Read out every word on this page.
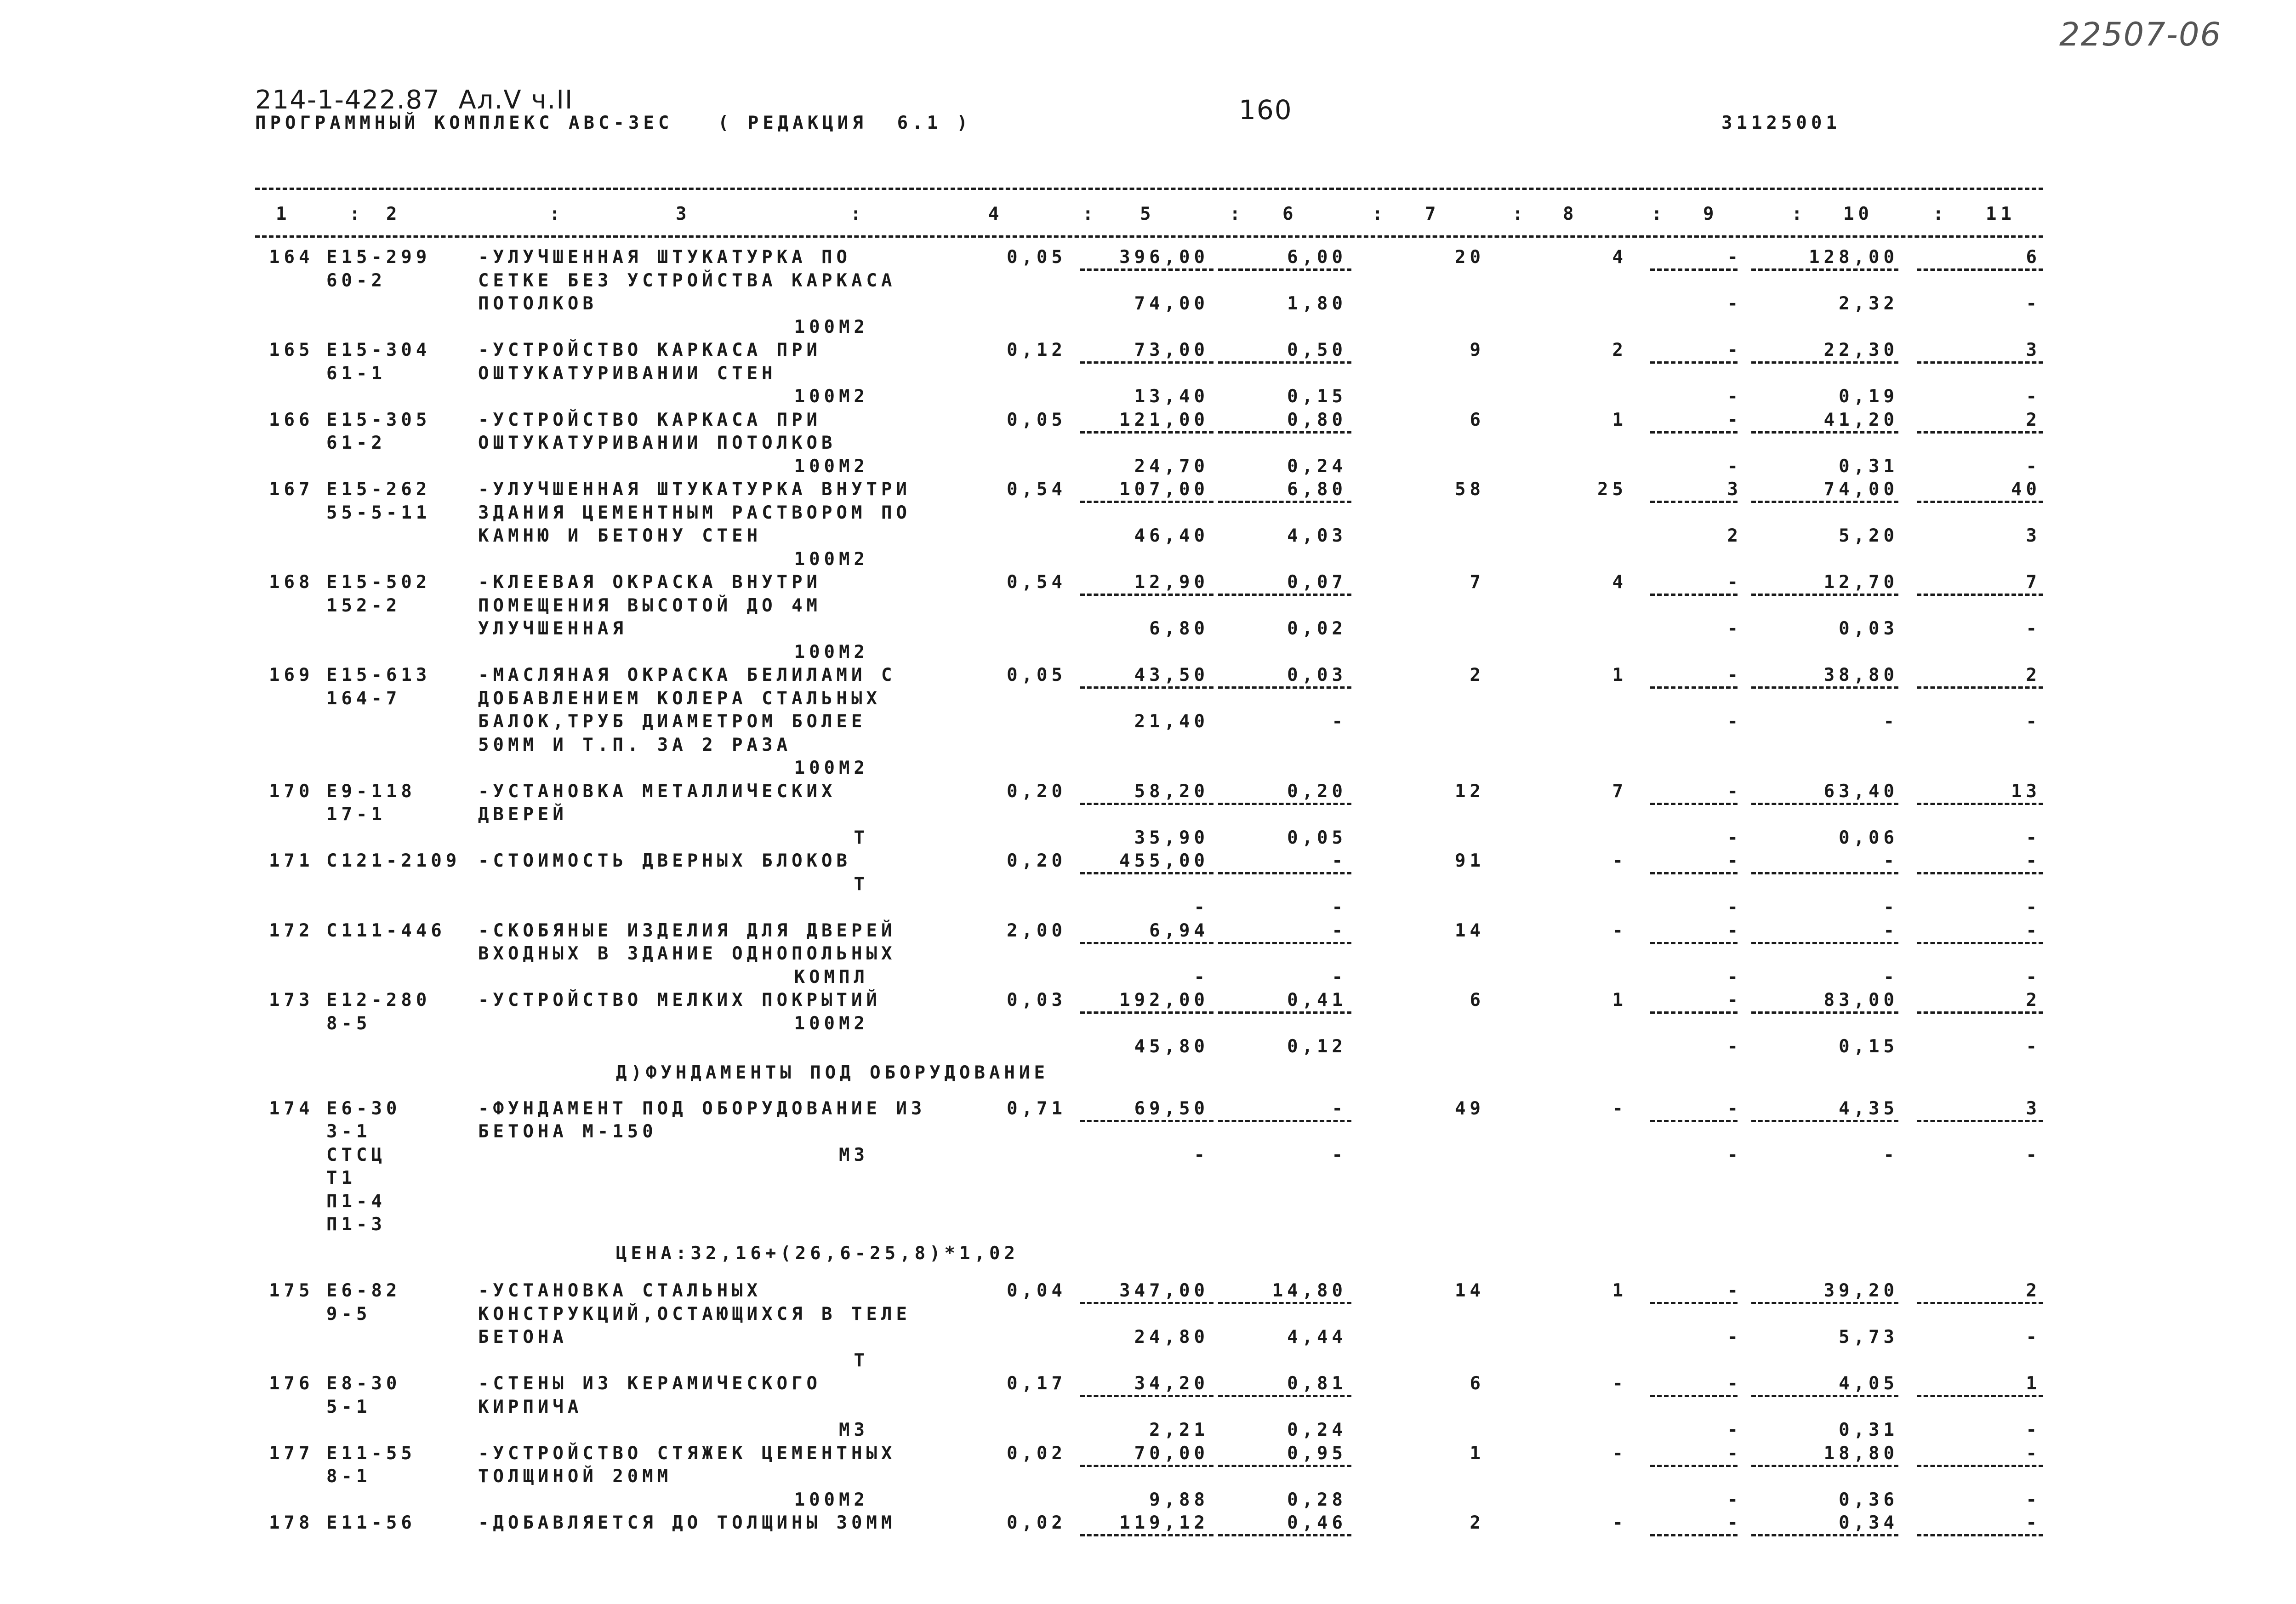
22507-06
214-1-422.87  Ал.V ч.II
ПРОГРАММНЫЙ КОМПЛЕКС АВС-3ЕС   ( РЕДАКЦИЯ  6.1 )	160	31125001
1	: 2	:	3	:	4	: 5	: 6	: 7	: 8	: 9	: 10	: 11
164 Е15-299	-УЛУЧШЕННАЯ ШТУКАТУРКА ПО	0,05	396,00	6,00	20	4	-	128,00	6
60-2	СЕТКЕ БЕЗ УСТРОЙСТВА КАРКАСА
ПОТОЛКОВ	74,00	1,80	-	2,32	-
100М2
165 Е15-304	-УСТРОЙСТВО КАРКАСА ПРИ	0,12	73,00	0,50	9	2	-	22,30	3
61-1	ОШТУКАТУРИВАНИИ СТЕН
100М2	13,40	0,15	-	0,19	-
166 Е15-305	-УСТРОЙСТВО КАРКАСА ПРИ	0,05	121,00	0,80	6	1	-	41,20	2
61-2	ОШТУКАТУРИВАНИИ ПОТОЛКОВ
100М2	24,70	0,24	-	0,31	-
167 Е15-262	-УЛУЧШЕННАЯ ШТУКАТУРКА ВНУТРИ	0,54	107,00	6,80	58	25	3	74,00	40
55-5-11	ЗДАНИЯ ЦЕМЕНТНЫМ РАСТВОРОМ ПО
КАМНЮ И БЕТОНУ СТЕН	46,40	4,03	2	5,20	3
100М2
168 Е15-502	-КЛЕЕВАЯ ОКРАСКА ВНУТРИ	0,54	12,90	0,07	7	4	-	12,70	7
152-2	ПОМЕЩЕНИЯ ВЫСОТОЙ ДО 4М
УЛУЧШЕННАЯ	6,80	0,02	-	0,03	-
100М2
169 Е15-613	-МАСЛЯНАЯ ОКРАСКА БЕЛИЛАМИ С	0,05	43,50	0,03	2	1	-	38,80	2
164-7	ДОБАВЛЕНИЕМ КОЛЕРА СТАЛЬНЫХ
БАЛОК,ТРУБ ДИАМЕТРОМ БОЛЕЕ	21,40	-	-	-	-
50ММ И Т.П. ЗА 2 РАЗА
100М2
170 Е9-118	-УСТАНОВКА МЕТАЛЛИЧЕСКИХ	0,20	58,20	0,20	12	7	-	63,40	13
17-1	ДВЕРЕЙ
Т	35,90	0,05	-	0,06	-
171 С121-2109 -СТОИМОСТЬ ДВЕРНЫХ БЛОКОВ	0,20	455,00	-	91	-	-	-	-
Т
-	-	-	-	-
172 С111-446	-СКОБЯНЫЕ ИЗДЕЛИЯ ДЛЯ ДВЕРЕЙ	2,00	6,94	-	14	-	-	-	-
ВХОДНЫХ В ЗДАНИЕ ОДНОПОЛЬНЫХ
КОМПЛ	-	-	-	-	-
173 Е12-280	-УСТРОЙСТВО МЕЛКИХ ПОКРЫТИЙ	0,03	192,00	0,41	6	1	-	83,00	2
8-5	100М2
45,80	0,12	-	0,15	-
Д)ФУНДАМЕНТЫ ПОД ОБОРУДОВАНИЕ
174 Е6-30	-ФУНДАМЕНТ ПОД ОБОРУДОВАНИЕ ИЗ	0,71	69,50	-	49	-	-	4,35	3
3-1	БЕТОНА М-150
СТСЦ	М3	-	-	-	-	-
Т1
П1-4
П1-3
ЦЕНА:32,16+(26,6-25,8)*1,02
175 Е6-82	-УСТАНОВКА СТАЛЬНЫХ	0,04	347,00	14,80	14	1	-	39,20	2
9-5	КОНСТРУКЦИЙ,ОСТАЮЩИХСЯ В ТЕЛЕ
БЕТОНА	24,80	4,44	-	5,73	-
Т
176 Е8-30	-СТЕНЫ ИЗ КЕРАМИЧЕСКОГО	0,17	34,20	0,81	6	-	-	4,05	1
5-1	КИРПИЧА
М3	2,21	0,24	-	0,31	-
177 Е11-55	-УСТРОЙСТВО СТЯЖЕК ЦЕМЕНТНЫХ	0,02	70,00	0,95	1	-	-	18,80	-
8-1	ТОЛЩИНОЙ 20ММ
100М2	9,88	0,28	-	0,36	-
178 Е11-56	-ДОБАВЛЯЕТСЯ ДО ТОЛЩИНЫ 30ММ	0,02	119,12	0,46	2	-	-	0,34	-
